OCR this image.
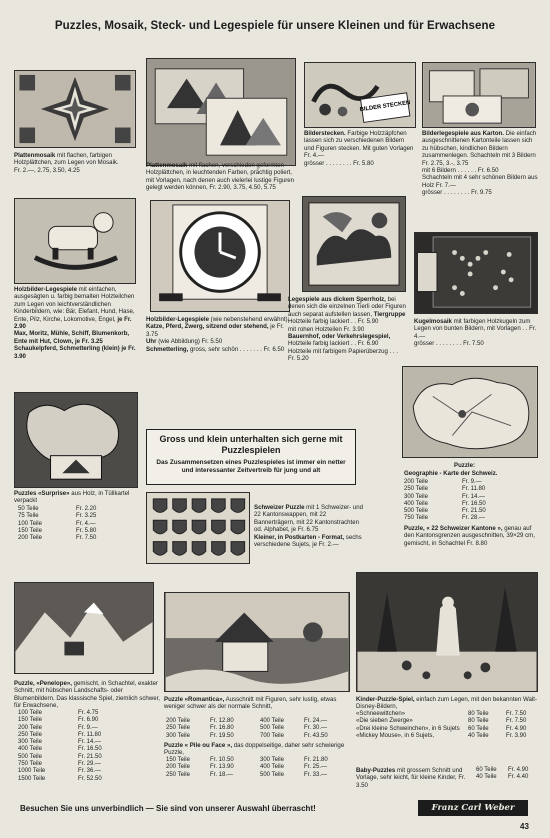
Puzzles, Mosaik, Steck- und Legespiele für unsere Kleinen und für Erwachsene
Plattenmosaik mit flachen, farbigen Holzplättchen, zum Legen von Mosaik.
Fr. 2.—, 2.75, 3.50, 4.25
Plattenmosaik mit flachen, verschieden geformten Holzplättchen, in leuchtenden Farben, prächtig poliert, mit Vorlagen, nach denen auch vielerlei lustige Figuren gelegt werden können, Fr. 2.90, 3.75, 4.50, 5.75
BILDER STECKEN
Bilderstecken. Farbige Holzzäpfchen lassen sich zu verschiedenen Bildern und Figuren stecken. Mit guten Vorlagen Fr. 4.—
grösser . . . . . . . . Fr. 5.80
Bilderlegespiele aus Karton. Die einfach ausgeschnittenen Kartonteile lassen sich zu hübschen, kindlichen Bildern zusammenlegen. Schachteln mit 3 Bildern Fr. 2.75, 3.-, 3.75
mit 6 Bildern . . . . . . Fr. 6.50
Schachteln mit 4 sehr schönen Bildern aus Holz Fr. 7.—
grösser . . . . . . . . Fr. 9.75
Holzbilder-Legespiele mit einfachen, ausgesägten u. farbig bemalten Holzteilchen zum Legen von leichtverständlichen Kinderbildern, wie: Bär, Elefant, Hund, Hase, Ente, Pilz, Kirche, Lokomotive, Engel, je Fr. 2.90
Max, Moritz, Mühle, Schiff, Blumenkorb, Ente mit Hut, Clown, je Fr. 3.25
Schaukelpferd, Schmetterling (klein) je Fr. 3.90
Holzbilder-Legespiele (wie nebenstehend erwähnt):
Katze, Pferd, Zwerg, sitzend oder stehend, je Fr. 3.75
Uhr (wie Abbildung) Fr. 5.50
Schmetterling, gross, sehr schön . . . . . . . Fr. 6.50
Legespiele aus dickem Sperrholz, bei denen sich die einzelnen Tierli oder Figuren auch separat aufstellen lassen, Tiergruppe Holzteile farbig lackiert . . Fr. 5.90
mit rohen Holzteilen Fr. 3.90
Bauernhof, oder Verkehrslegespiel, Holzteile farbig lackiert . . Fr. 6.90
Holzteile mit farbigem Papierüberzug . . . Fr. 5.20
Kugelmosaik mit farbigen Holzkugeln zum Legen von bunten Bildern, mit Vorlagen . . Fr. 4.—
grösser . . . . . . . . Fr. 7.50
Gross und klein unterhalten sich gerne mit Puzzlespielen
Das Zusammensetzen eines Puzzlespieles ist immer ein netter und interessanter Zeitvertreib für jung und alt
Puzzle:
Geographie - Karte der Schweiz.
200 Teile	Fr. 9.—
250 Teile	Fr. 11.80
300 Teile	Fr. 14.—
400 Teile	Fr. 16.50
500 Teile	Fr. 21.50
750 Teile	Fr. 28.—
Puzzle, « 22 Schweizer Kantone », genau auf den Kantonsgrenzen ausgeschnitten, 39×29 cm, gemischt, in Schachtel Fr. 8.80
Puzzles «Surprise» aus Holz, in Tüllkartel verpackt
50 Teile	Fr. 2.20
75 Teile	Fr. 3.25
100 Teile	Fr. 4.—
150 Teile	Fr. 5.80
200 Teile	Fr. 7.50
Schweizer Puzzle mit 1 Schweizer- und 22 Kantonswappen, mit 22 Bannerträgern, mit 22 Kantonstrachten od. Alphabet, je Fr. 6.75
Kleiner, in Postkarten - Format, sechs verschiedene Sujets, je Fr. 2.—
Puzzle, «Penelope», gemischt, in Schachtel, exakter Schnitt, mit hübschen Landschafts- oder Blumenbildern. Das klassische Spiel, ziemlich schwer, für Erwachsene,
100 Teile	Fr. 4.75
150 Teile	Fr. 6.90
200 Teile	Fr. 9.—
250 Teile	Fr. 11.80
300 Teile	Fr. 14.—
400 Teile	Fr. 16.50
500 Teile	Fr. 21.50
750 Teile	Fr. 29.—
1000 Teile	Fr. 36.—
1500 Teile	Fr. 52.50
Puzzle «Romantica», Ausschnitt mit Figuren, sehr lustig, etwas weniger schwer als der normale Schnitt,
200 Teile	Fr. 12.80	400 Teile	Fr. 24.—
250 Teile	Fr. 16.80	500 Teile	Fr. 30.—
300 Teile	Fr. 19.50	700 Teile	Fr. 43.50
Puzzle « Pile ou Face », das doppelseitige, daher sehr schwierige Puzzle,
150 Teile	Fr. 10.50	300 Teile	Fr. 21.80
200 Teile	Fr. 13.90	400 Teile	Fr. 25.—
250 Teile	Fr. 18.—	500 Teile	Fr. 33.—
Kinder-Puzzle-Spiel, einfach zum Legen, mit den bekannten Walt-Disney-Bildern,
«Schneewittchen»	80 Teile	Fr. 7.50
«Die sieben Zwerge»	80 Teile	Fr. 7.50
«Drei kleine Schweinchen», in 6 Sujets	60 Teile	Fr. 4.90
«Mickey Mouse», in 6 Sujets,	40 Teile	Fr. 3.90
Baby-Puzzles mit grossem Schnitt und Vorlage, sehr leicht, für kleine Kinder, Fr. 3.50
60 Teile	Fr. 4.90
40 Teile	Fr. 4.40
Besuchen Sie uns unverbindlich — Sie sind von unserer Auswahl überrascht!	Franz Carl Weber
43
